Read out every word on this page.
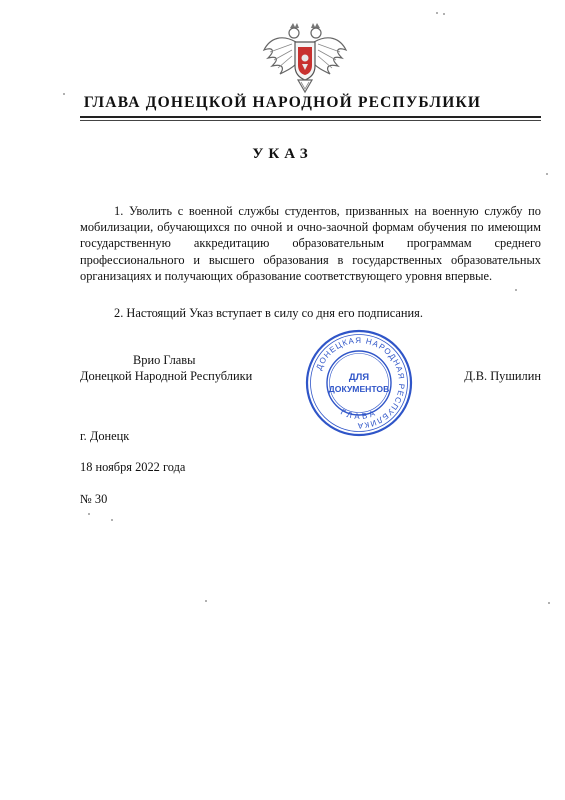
ГЛАВА ДОНЕЦКОЙ НАРОДНОЙ РЕСПУБЛИКИ
УКАЗ
1. Уволить с военной службы студентов, призванных на военную службу по мобилизации, обучающихся по очной и очно-заочной формам обучения по имеющим государственную аккредитацию образовательным программам среднего профессионального и высшего образования в государственных образовательных организациях и получающих образование соответствующего уровня впервые.
2. Настоящий Указ вступает в силу со дня его подписания.
Врио Главы
Донецкой Народной Республики
ДОНЕЦКАЯ НАРОДНАЯ РЕСПУБЛИКА
ГЛАВА
ДЛЯ
ДОКУМЕНТОВ
Д.В. Пушилин
г. Донецк
18 ноября 2022 года
№ 30
